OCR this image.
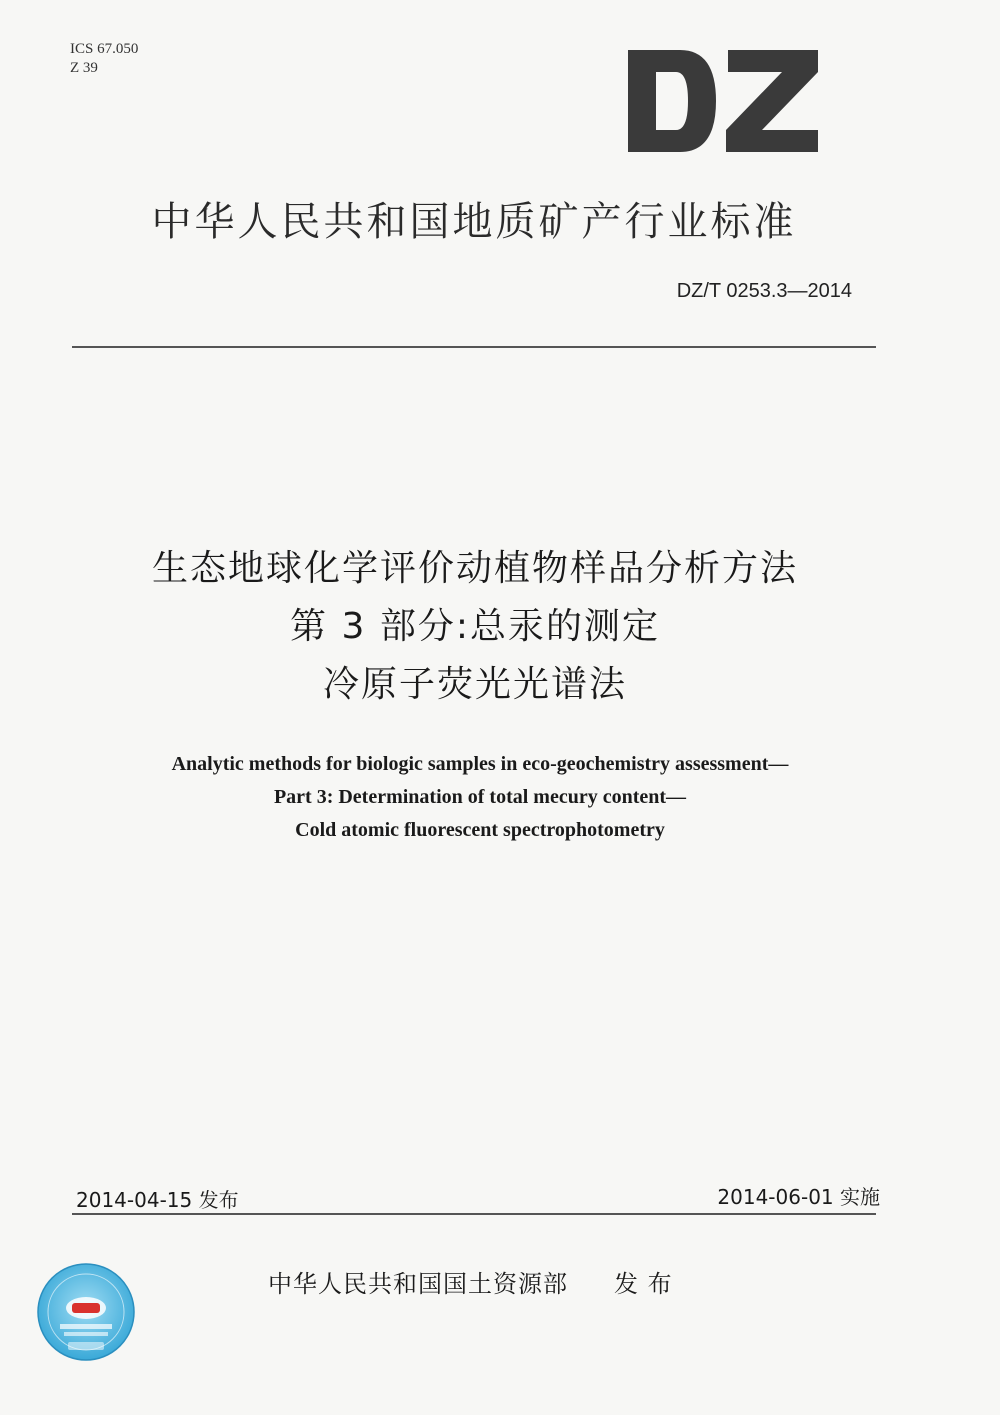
ICS 67.050
Z 39
中华人民共和国地质矿产行业标准
DZ/T 0253.3—2014
生态地球化学评价动植物样品分析方法
第 3 部分:总汞的测定
冷原子荧光光谱法
Analytic methods for biologic samples in eco-geochemistry assessment—
Part 3: Determination of total mecury content—
Cold atomic fluorescent spectrophotometry
2014-04-15 发布	2014-06-01 实施
中华人民共和国国土资源部 发 布
